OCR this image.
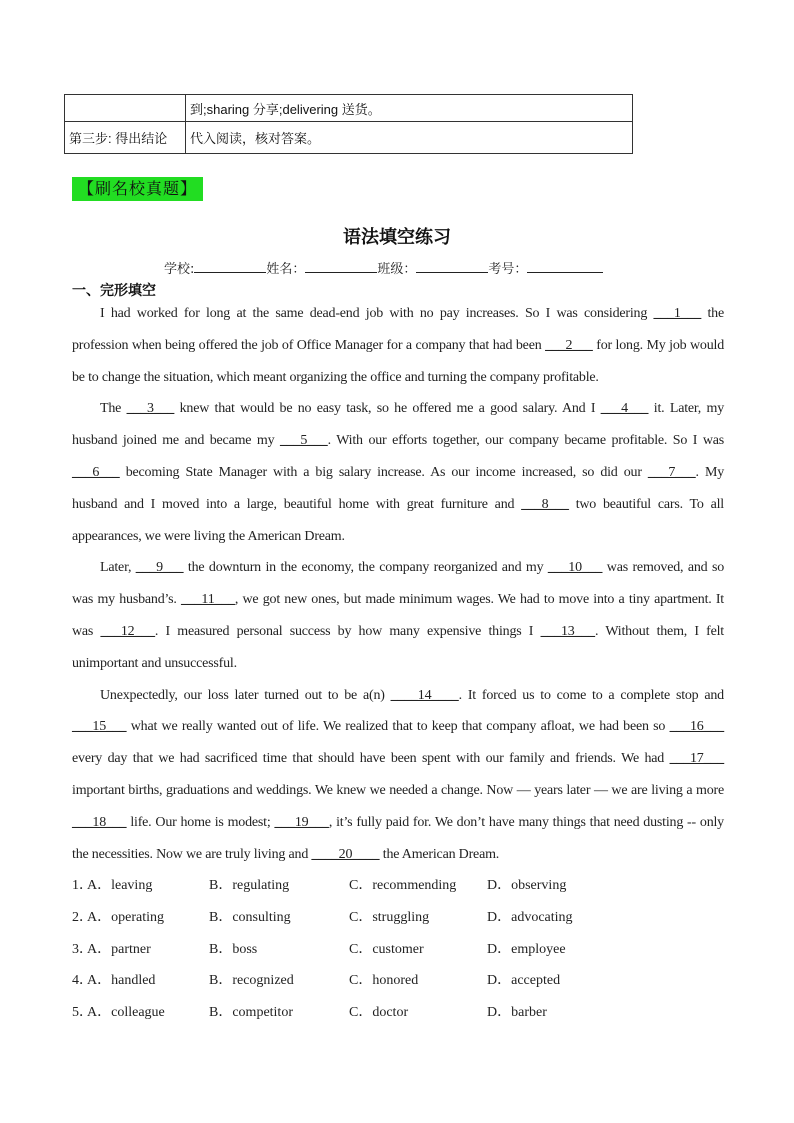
	到;sharing 分享;delivering 送货。
第三步: 得出结论	代入阅读，核对答案。
【刷名校真题】
语法填空练习
学校:	姓名：	班级：	考号：
一、完形填空

I had worked for long at the same dead-end job with no pay increases. So I was considering ___1___ the profession when being offered the job of Office Manager for a company that had been ___2___ for long. My job would be to change the situation, which meant organizing the office and turning the company profitable.

The ___3___ knew that would be no easy task, so he offered me a good salary. And I ___4___ it. Later, my husband joined me and became my ___5___. With our efforts together, our company became profitable. So I was ___6___ becoming State Manager with a big salary increase. As our income increased, so did our ___7___. My husband and I moved into a large, beautiful home with great furniture and ___8___ two beautiful cars. To all appearances, we were living the American Dream.

Later, ___9___ the downturn in the economy, the company reorganized and my ___10___ was removed, and so was my husband’s. ___11___, we got new ones, but made minimum wages. We had to move into a tiny apartment. It was ___12___. I measured personal success by how many expensive things I ___13___. Without them, I felt unimportant and unsuccessful.

Unexpectedly, our loss later turned out to be a(n) ____14____. It forced us to come to a complete stop and ___15___ what we really wanted out of life. We realized that to keep that company afloat, we had been so ___16___ every day that we had sacrificed time that should have been spent with our family and friends. We had ___17___ important births, graduations and weddings. We knew we needed a change. Now — years later — we are living a more ___18___ life. Our home is modest; ___19___, it’s fully paid for. We don’t have many things that need dusting -- only the necessities. Now we are truly living and ____20____ the American Dream.

1．
A．leaving	B．regulating	C．recommending D．observing
2．
A．operating	B．consulting	C．struggling	D．advocating
3．
A．partner	B．boss	C．customer	D．employee
4．
A．handled	B．recognized	C．honored	D．accepted
5．
A．colleague	B．competitor	C．doctor	D．barber
